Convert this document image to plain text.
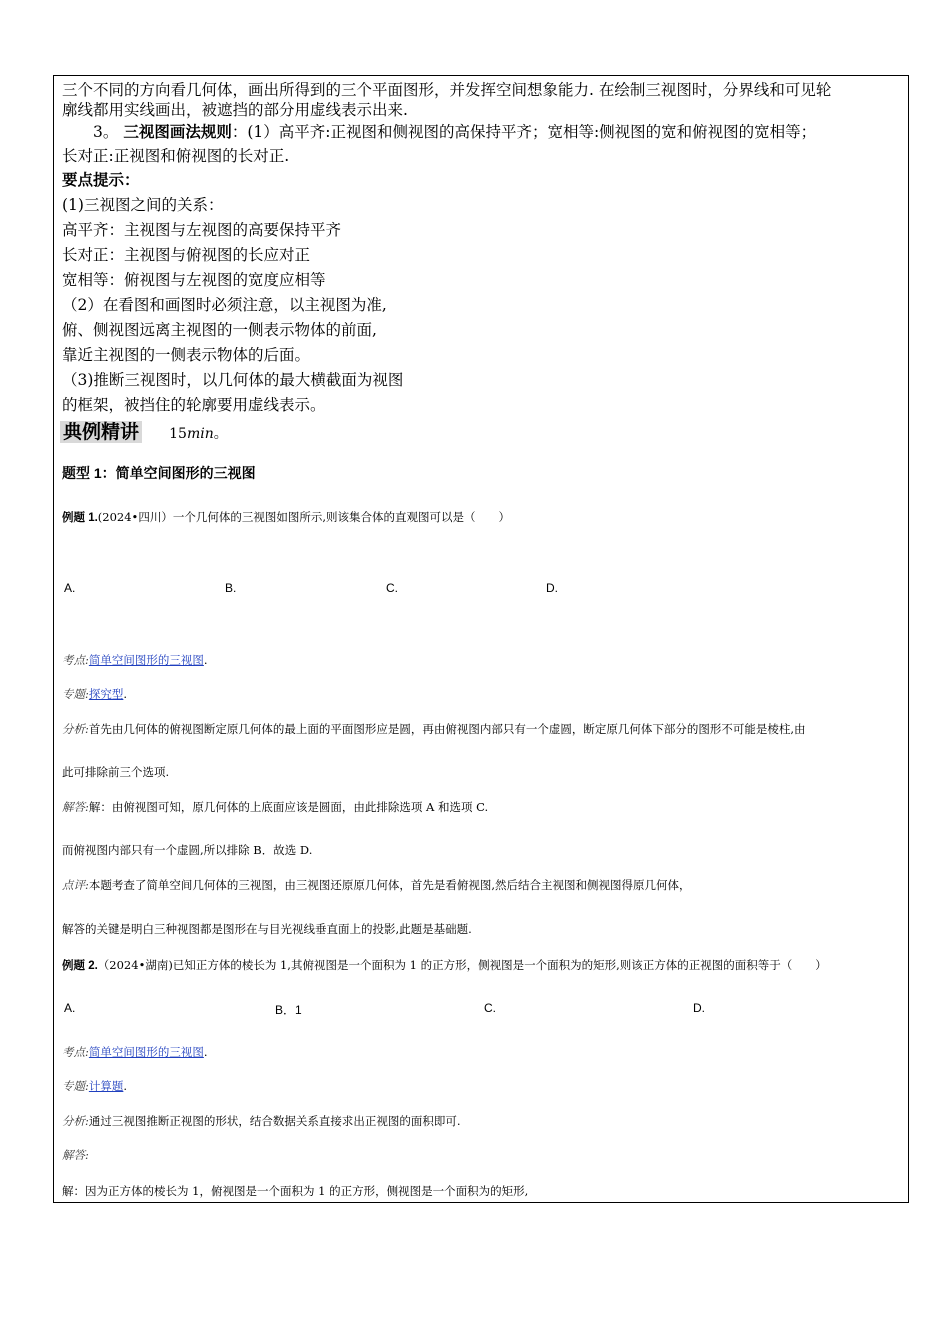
三个不同的方向看几何体，画出所得到的三个平面图形，并发挥空间想象能力. 在绘制三视图时，分界线和可见轮
廓线都用实线画出，被遮挡的部分用虚线表示出来.
3。 三视图画法规则：(1）高平齐:正视图和侧视图的高保持平齐；宽相等:侧视图的宽和俯视图的宽相等；
长对正:正视图和俯视图的长对正.
要点提示：
(1)三视图之间的关系：
高平齐：主视图与左视图的高要保持平齐
长对正：主视图与俯视图的长应对正
宽相等：俯视图与左视图的宽度应相等
（2）在看图和画图时必须注意，以主视图为准,
俯、侧视图远离主视图的一侧表示物体的前面,
靠近主视图的一侧表示物体的后面。
（3)推断三视图时，以几何体的最大横截面为视图
的框架，被挡住的轮廓要用虚线表示。
典例精讲 15min。
题型 1：简单空间图形的三视图
例题 1.(2024•四川）一个几何体的三视图如图所示,则该集合体的直观图可以是（　　）
A.	B.	C.	D.
考点:简单空间图形的三视图.
专题:探究型.
分析:首先由几何体的俯视图断定原几何体的最上面的平面图形应是圆，再由俯视图内部只有一个虚圆，断定原几何体下部分的图形不可能是棱柱,由
此可排除前三个选项.
解答:解：由俯视图可知，原几何体的上底面应该是圆面，由此排除选项 A 和选项 C.
而俯视图内部只有一个虚圆,所以排除 B．故选 D.
点评:本题考查了简单空间几何体的三视图，由三视图还原原几何体，首先是看俯视图,然后结合主视图和侧视图得原几何体，
解答的关键是明白三种视图都是图形在与目光视线垂直面上的投影,此题是基础题.
例题 2.（2024•湖南)已知正方体的棱长为 1,其俯视图是一个面积为 1 的正方形，侧视图是一个面积为的矩形,则该正方体的正视图的面积等于（　　）
A.	B．1	C.	D.
考点:简单空间图形的三视图.
专题:计算题.
分析:通过三视图推断正视图的形状，结合数据关系直接求出正视图的面积即可.
解答:
解：因为正方体的棱长为 1，俯视图是一个面积为 1 的正方形，侧视图是一个面积为的矩形,
